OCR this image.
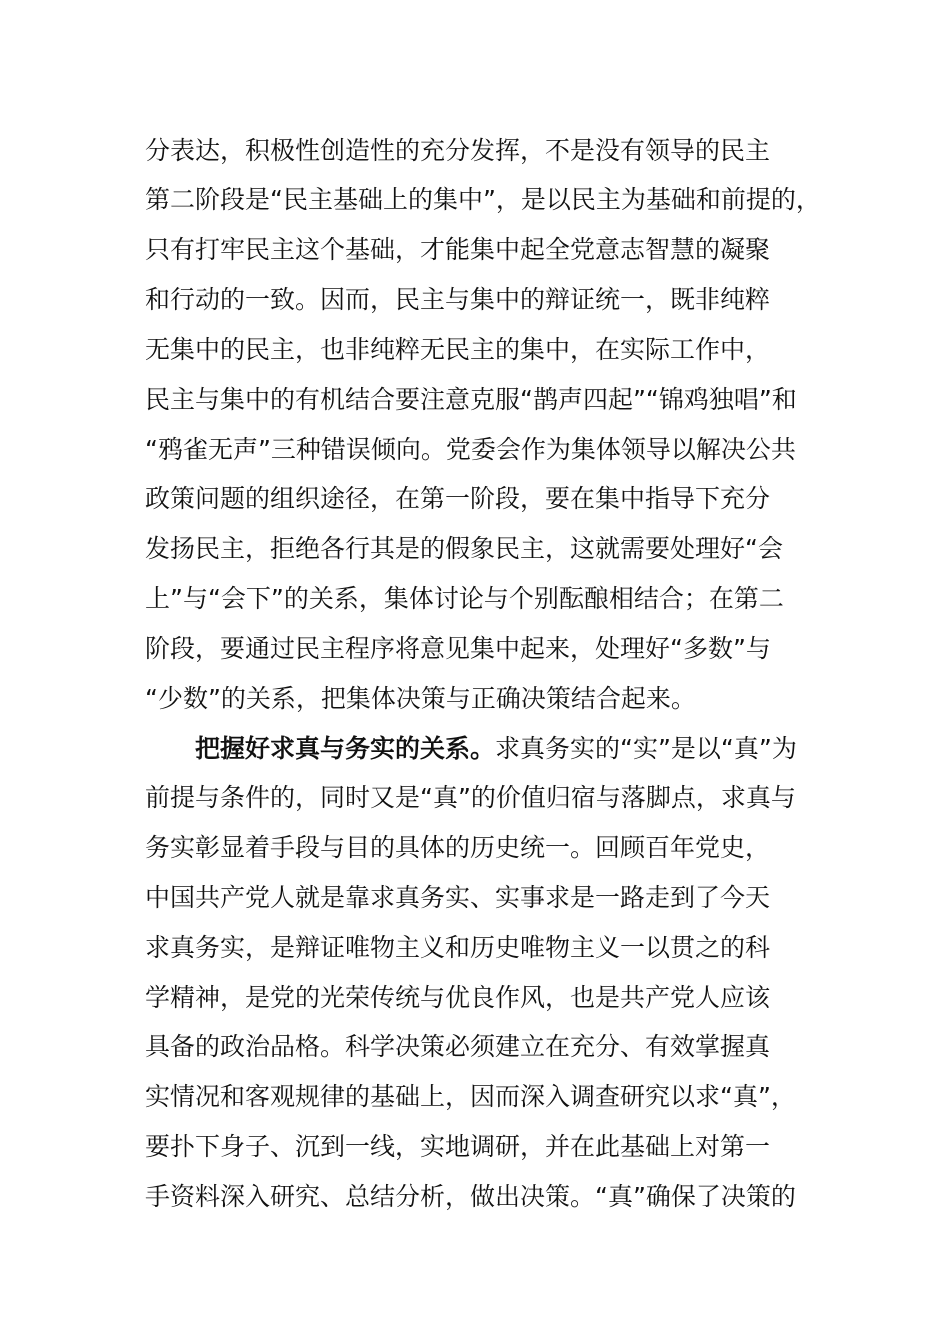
分表达，积极性创造性的充分发挥，不是没有领导的民主
第二阶段是“民主基础上的集中”，是以民主为基础和前提的，
只有打牢民主这个基础，才能集中起全党意志智慧的凝聚
和行动的一致。因而，民主与集中的辩证统一，既非纯粹
无集中的民主，也非纯粹无民主的集中，在实际工作中，
民主与集中的有机结合要注意克服“鹊声四起”“锦鸡独唱”和
“鸦雀无声”三种错误倾向。党委会作为集体领导以解决公共
政策问题的组织途径，在第一阶段，要在集中指导下充分
发扬民主，拒绝各行其是的假象民主，这就需要处理好“会
上”与“会下”的关系，集体讨论与个别酝酿相结合；在第二
阶段，要通过民主程序将意见集中起来，处理好“多数”与
“少数”的关系，把集体决策与正确决策结合起来。
把握好求真与务实的关系。求真务实的“实”是以“真”为
前提与条件的，同时又是“真”的价值归宿与落脚点，求真与
务实彰显着手段与目的具体的历史统一。回顾百年党史，
中国共产党人就是靠求真务实、实事求是一路走到了今天
求真务实，是辩证唯物主义和历史唯物主义一以贯之的科
学精神，是党的光荣传统与优良作风，也是共产党人应该
具备的政治品格。科学决策必须建立在充分、有效掌握真
实情况和客观规律的基础上，因而深入调查研究以求“真”，
要扑下身子、沉到一线，实地调研，并在此基础上对第一
手资料深入研究、总结分析，做出决策。“真”确保了决策的
